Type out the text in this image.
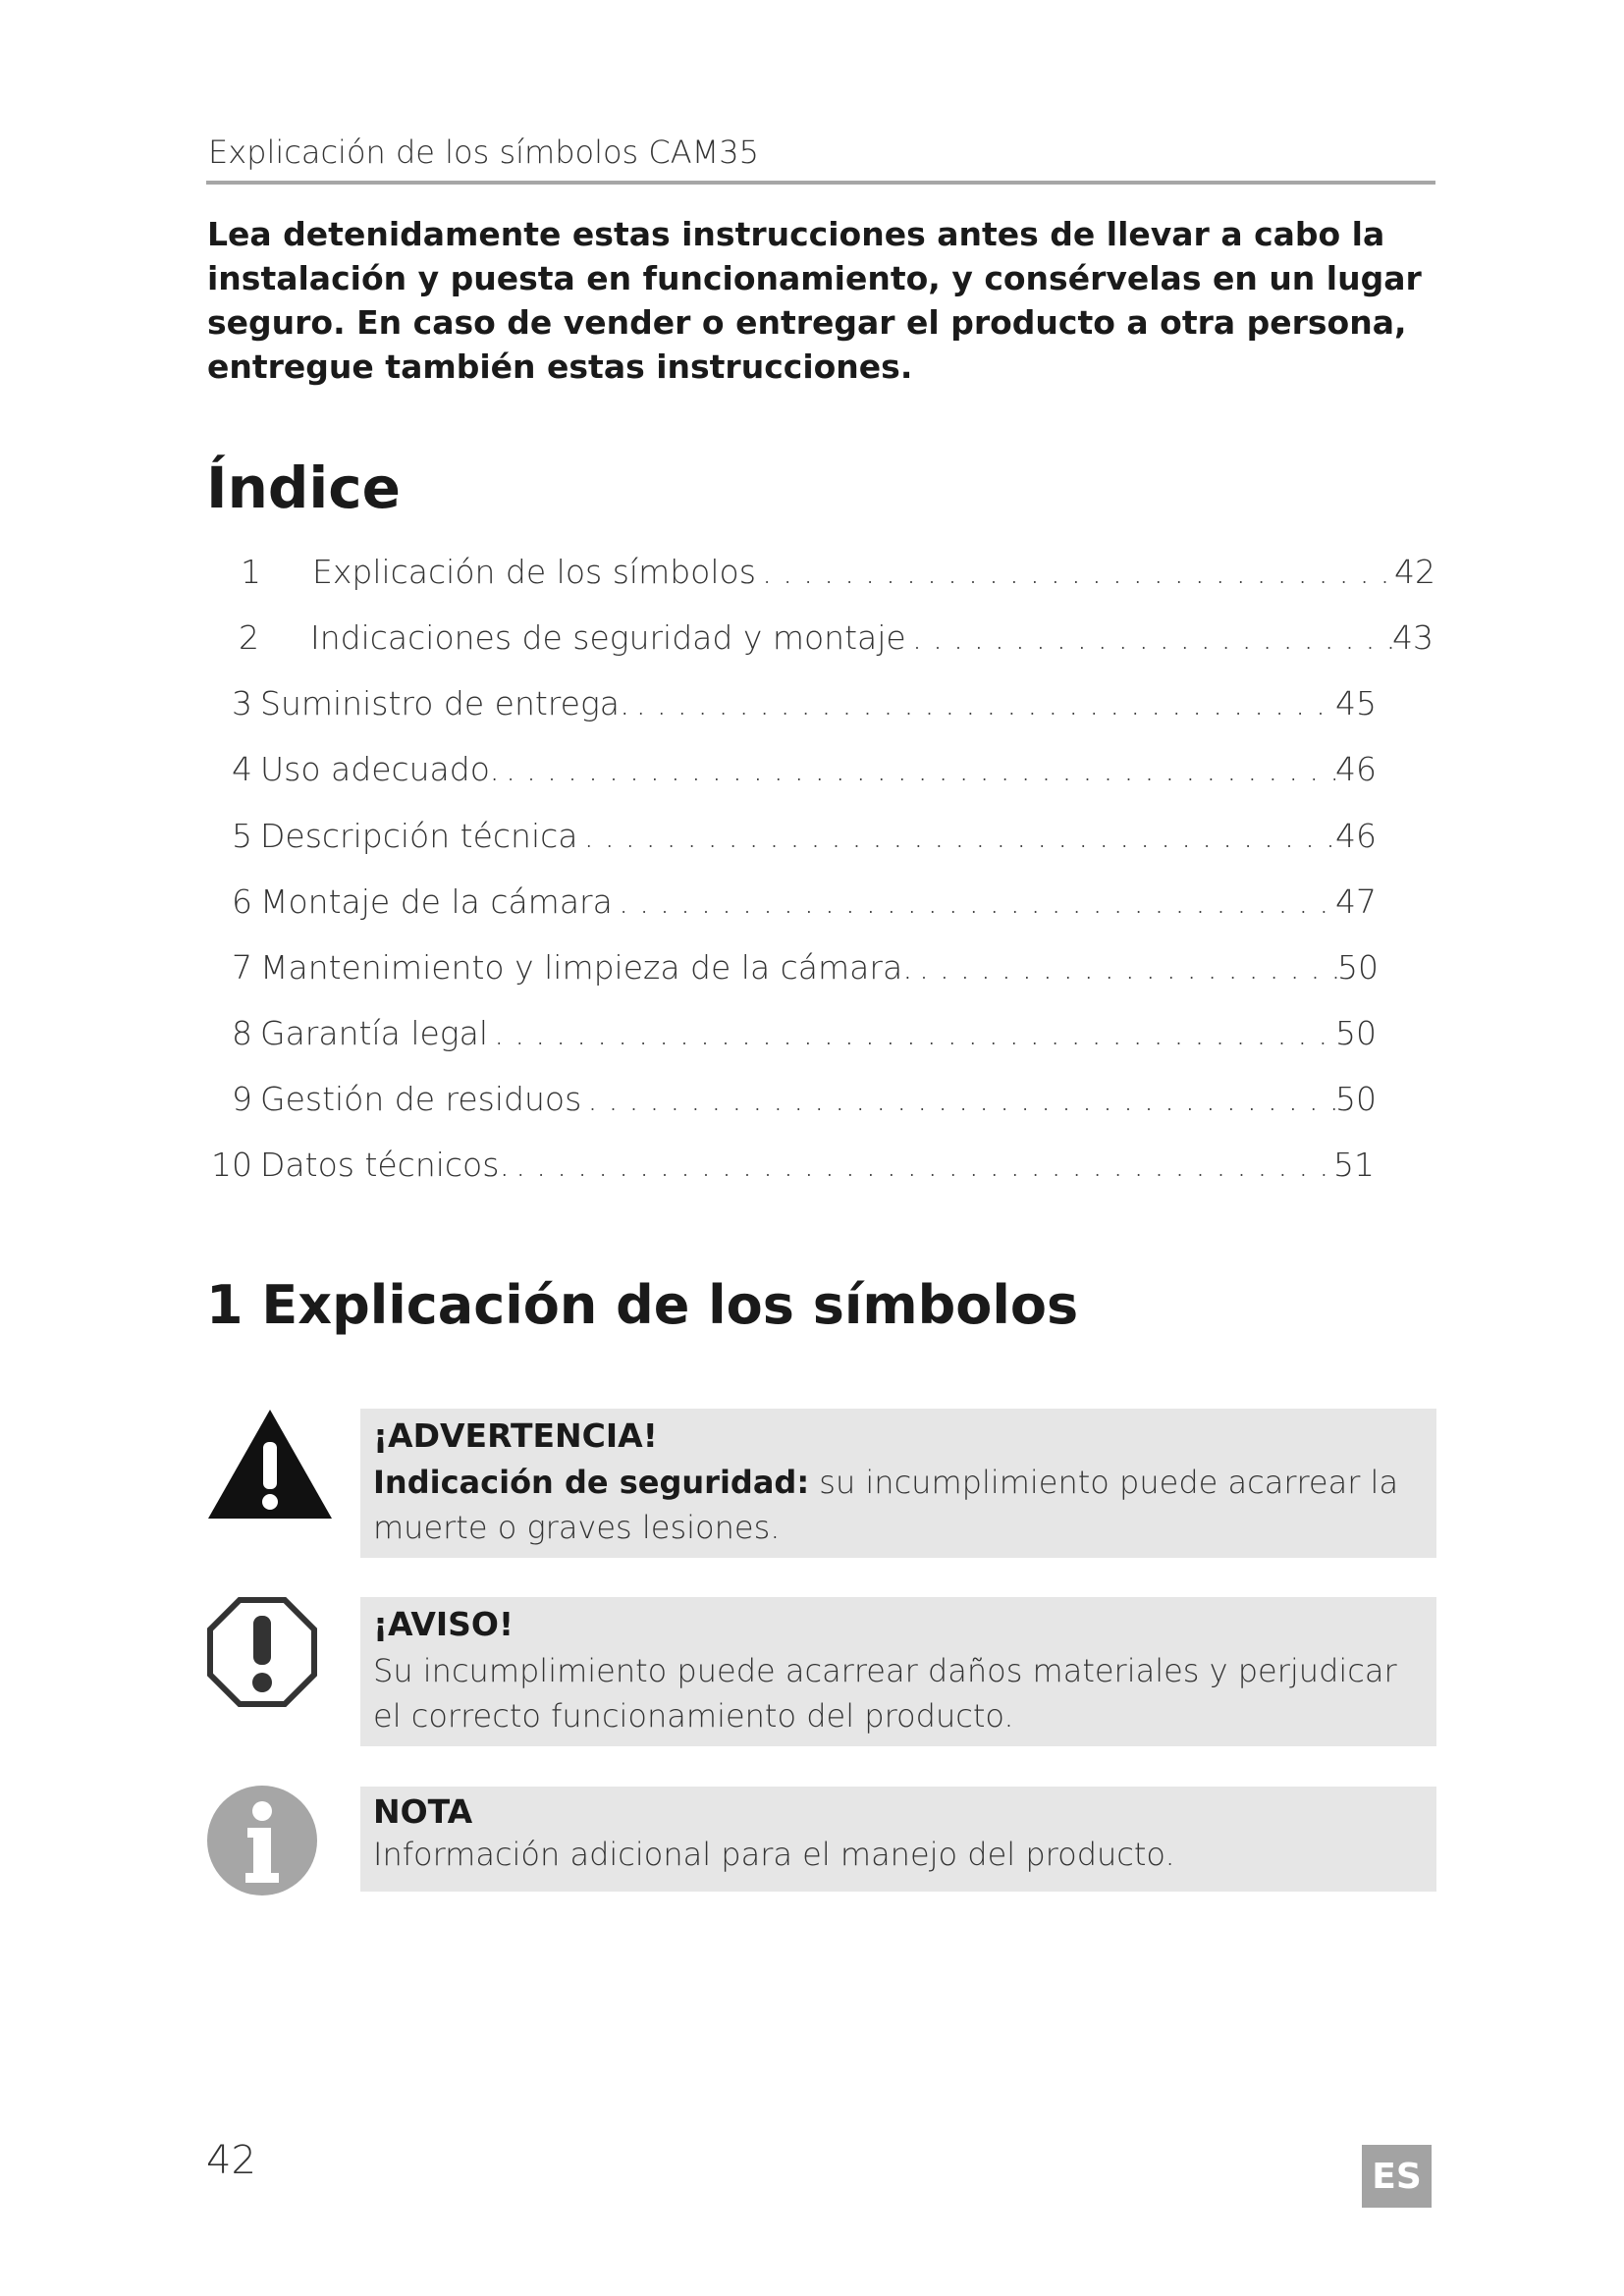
Explicación de los símbolos CAM35
Lea detenidamente estas instrucciones antes de llevar a cabo la instalación y puesta en funcionamiento, y consérvelas en un lugar seguro. En caso de vender o entregar el producto a otra persona, entregue también estas instrucciones.
Índice
1	Explicación de los símbolos . . .	42
2	Indicaciones de seguridad y montaje . . .	43
3 Suministro de entrega. . . .	45
4 Uso adecuado. . . .	46
5 Descripción técnica . . .	46
6 Montaje de la cámara . . .	47
7 Mantenimiento y limpieza de la cámara. . . .	50
8 Garantía legal . . .	50
9 Gestión de residuos . . .	50
10 Datos técnicos. . . .	51
1 Explicación de los símbolos
¡ADVERTENCIA!
Indicación de seguridad: su incumplimiento puede acarrear la muerte o graves lesiones.
¡AVISO!
Su incumplimiento puede acarrear daños materiales y perjudicar el correcto funcionamiento del producto.
NOTA
Información adicional para el manejo del producto.
42	ES
